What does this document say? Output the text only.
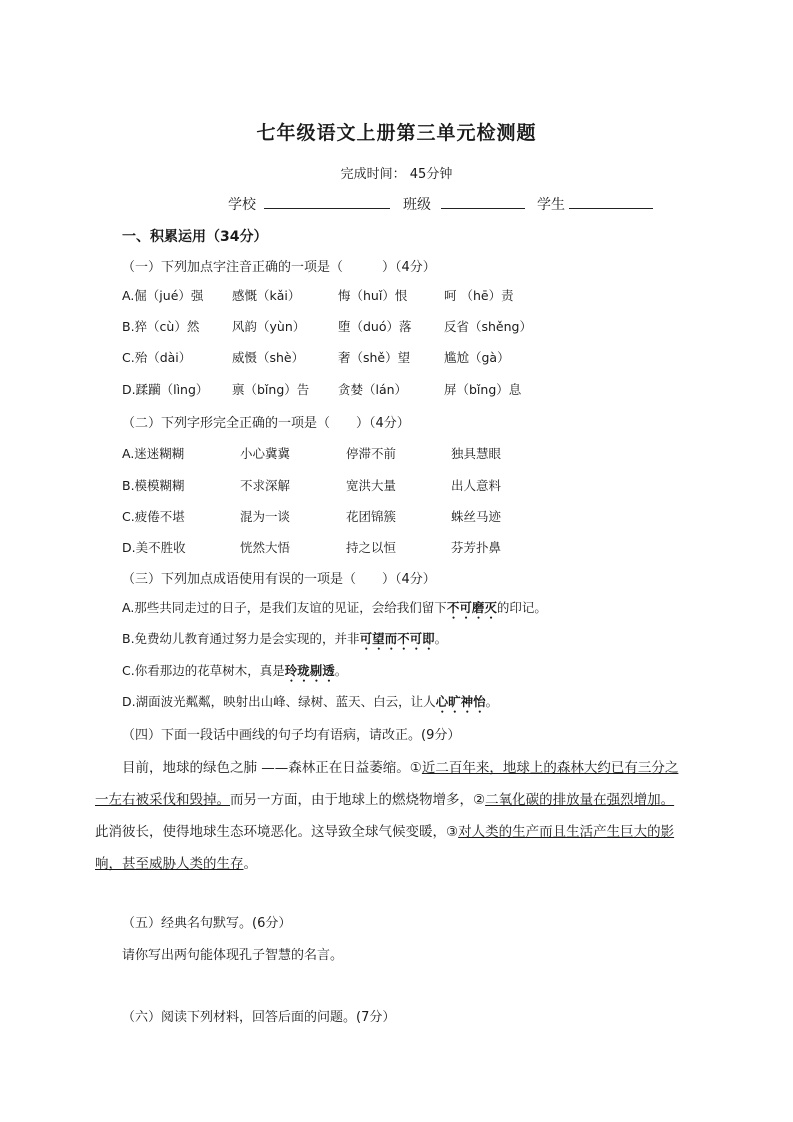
七年级语文上册第三单元检测题
完成时间： 45分钟
学校	班级	学生
一、积累运用（34分）
（一）下列加点字注音正确的一项是（　　　）（4分）
A.倔（jué）强 感慨（kǎi）	悔（huǐ）恨	呵 （hē）责
B.猝（cù）然	风韵（yùn）	堕（duó）落	反省（shěng）
C.殆（dài）	威慑（shè）	奢（shě）望	尴尬（gà）
D.蹂躏（lìng） 禀（bǐng）告 贪婪（lán）	屏（bǐng）息
（二）下列字形完全正确的一项是（　　）（4分）
A.迷迷糊糊	小心冀冀	停滞不前	独具慧眼
B.模模糊糊	不求深解	宽洪大量	出人意料
C.疲倦不堪	混为一谈	花团锦簇	蛛丝马迹
D.美不胜收	恍然大悟	持之以恒	芬芳扑鼻
（三）下列加点成语使用有误的一项是（　　）（4分）
A.那些共同走过的日子，是我们友谊的见证，会给我们留下不可磨灭的印记。
B.免费幼儿教育通过努力是会实现的，并非可望而不可即。
C.你看那边的花草树木，真是玲珑剔透。
D.湖面波光粼粼，映射出山峰、绿树、蓝天、白云，让人心旷神怡。
（四）下面一段话中画线的句子均有语病，请改正。(9分）
目前，地球的绿色之肺 ——森林正在日益萎缩。①近二百年来，地球上的森林大约已有三分之
一左右被采伐和毁掉。而另一方面，由于地球上的燃烧物增多，②二氧化碳的排放量在强烈增加。
此消彼长，使得地球生态环境恶化。这导致全球气候变暖，③对人类的生产而且生活产生巨大的影
响，甚至威胁人类的生存。
（五）经典名句默写。(6分）
请你写出两句能体现孔子智慧的名言。
（六）阅读下列材料，回答后面的问题。(7分）
